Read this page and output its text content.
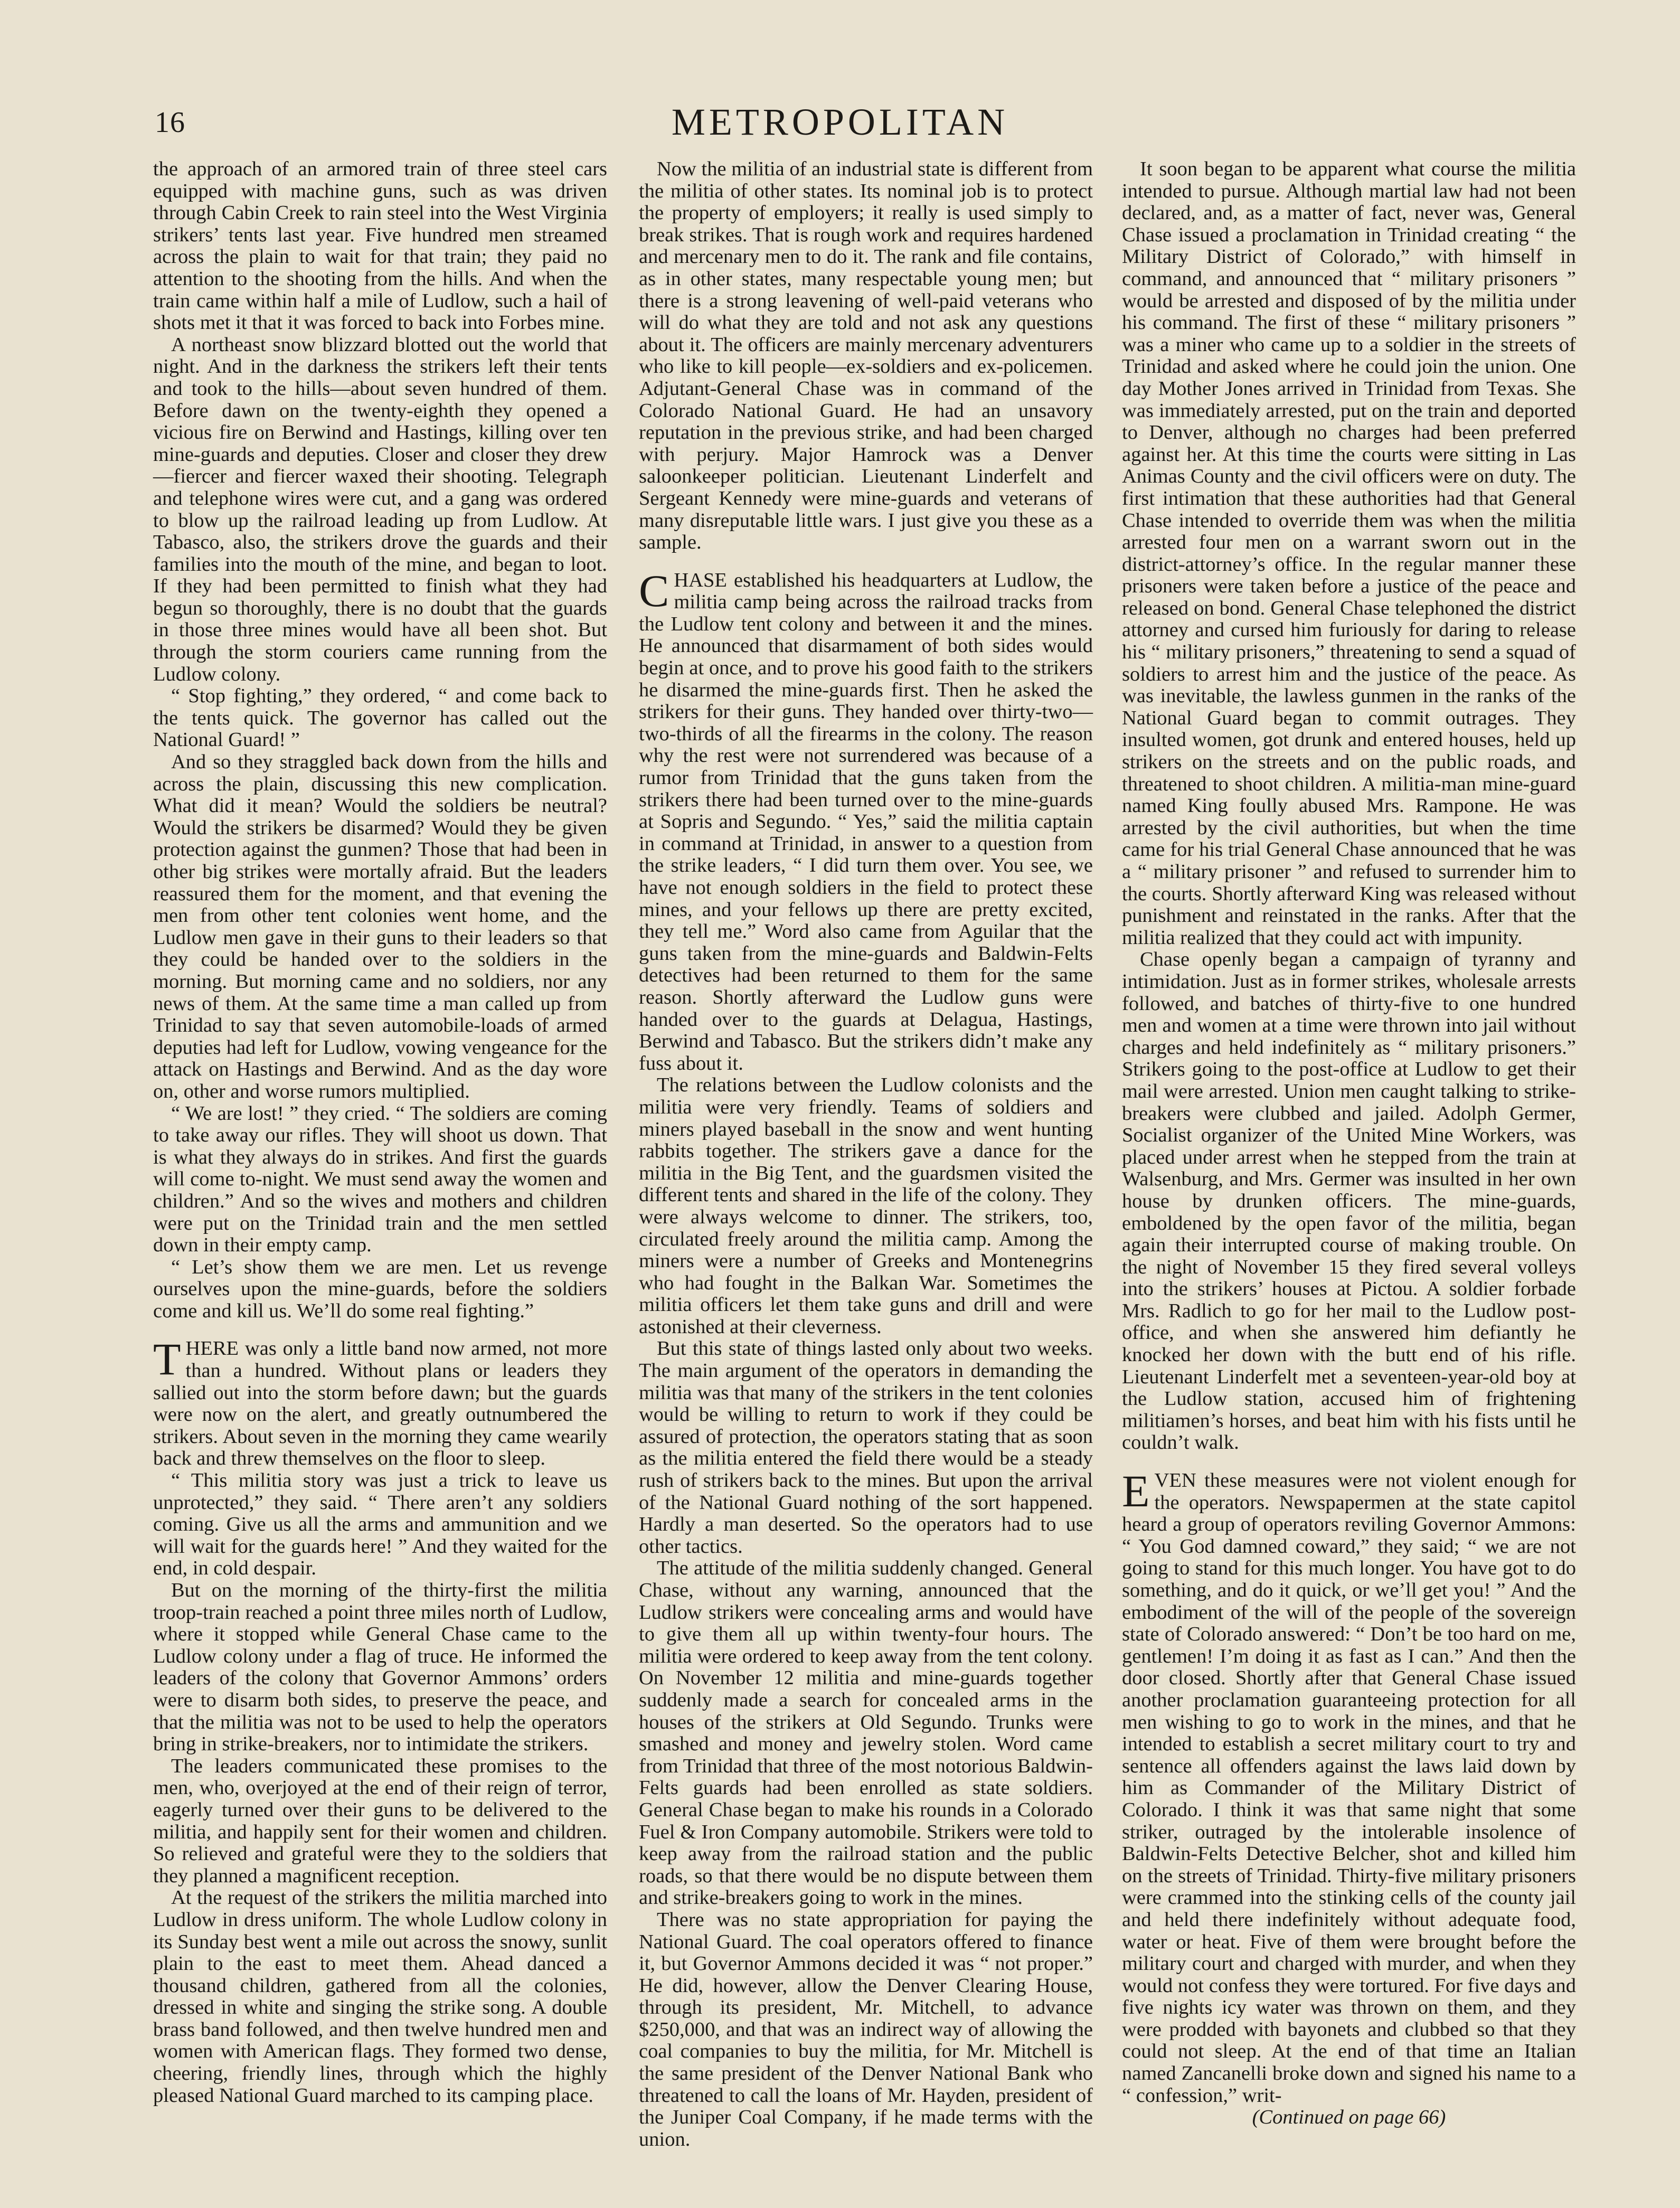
16	METROPOLITAN

the approach of an armored train of three steel cars equipped with machine guns, such as was driven through Cabin Creek to rain steel into the West Virginia strikers’ tents last year. Five hundred men streamed across the plain to wait for that train; they paid no attention to the shooting from the hills. And when the train came within half a mile of Ludlow, such a hail of shots met it that it was forced to back into Forbes mine.

A northeast snow blizzard blotted out the world that night. And in the darkness the strikers left their tents and took to the hills—about seven hundred of them. Before dawn on the twenty-eighth they opened a vicious fire on Berwind and Hastings, killing over ten mine-guards and deputies. Closer and closer they drew—fiercer and fiercer waxed their shooting. Telegraph and telephone wires were cut, and a gang was ordered to blow up the railroad leading up from Ludlow. At Tabasco, also, the strikers drove the guards and their families into the mouth of the mine, and began to loot. If they had been permitted to finish what they had begun so thoroughly, there is no doubt that the guards in those three mines would have all been shot. But through the storm couriers came running from the Ludlow colony.

“ Stop fighting,” they ordered, “ and come back to the tents quick. The governor has called out the National Guard! ”

And so they straggled back down from the hills and across the plain, discussing this new complication. What did it mean? Would the soldiers be neutral? Would the strikers be disarmed? Would they be given protection against the gunmen? Those that had been in other big strikes were mortally afraid. But the leaders reassured them for the moment, and that evening the men from other tent colonies went home, and the Ludlow men gave in their guns to their leaders so that they could be handed over to the soldiers in the morning. But morning came and no soldiers, nor any news of them. At the same time a man called up from Trinidad to say that seven automobile-loads of armed deputies had left for Ludlow, vowing vengeance for the attack on Hastings and Berwind. And as the day wore on, other and worse rumors multiplied.

“ We are lost! ” they cried. “ The soldiers are coming to take away our rifles. They will shoot us down. That is what they always do in strikes. And first the guards will come to-night. We must send away the women and children.” And so the wives and mothers and children were put on the Trinidad train and the men settled down in their empty camp.

“ Let’s show them we are men. Let us revenge ourselves upon the mine-guards, before the soldiers come and kill us. We’ll do some real fighting.”

THERE was only a little band now armed, not more than a hundred. Without plans or leaders they sallied out into the storm before dawn; but the guards were now on the alert, and greatly outnumbered the strikers. About seven in the morning they came wearily back and threw themselves on the floor to sleep.

“ This militia story was just a trick to leave us unprotected,” they said. “ There aren’t any soldiers coming. Give us all the arms and ammunition and we will wait for the guards here! ” And they waited for the end, in cold despair.

But on the morning of the thirty-first the militia troop-train reached a point three miles north of Ludlow, where it stopped while General Chase came to the Ludlow colony under a flag of truce. He informed the leaders of the colony that Governor Ammons’ orders were to disarm both sides, to preserve the peace, and that the militia was not to be used to help the operators bring in strike-breakers, nor to intimidate the strikers.

The leaders communicated these promises to the men, who, overjoyed at the end of their reign of terror, eagerly turned over their guns to be delivered to the militia, and happily sent for their women and children. So relieved and grateful were they to the soldiers that they planned a magnificent reception.

At the request of the strikers the militia marched into Ludlow in dress uniform. The whole Ludlow colony in its Sunday best went a mile out across the snowy, sunlit plain to the east to meet them. Ahead danced a thousand children, gathered from all the colonies, dressed in white and singing the strike song. A double brass band followed, and then twelve hundred men and women with American flags. They formed two dense, cheering, friendly lines, through which the highly pleased National Guard marched to its camping place.

Now the militia of an industrial state is different from the militia of other states. Its nominal job is to protect the property of employers; it really is used simply to break strikes. That is rough work and requires hardened and mercenary men to do it. The rank and file contains, as in other states, many respectable young men; but there is a strong leavening of well-paid veterans who will do what they are told and not ask any questions about it. The officers are mainly mercenary adventurers who like to kill people—ex-soldiers and ex-policemen. Adjutant-General Chase was in command of the Colorado National Guard. He had an unsavory reputation in the previous strike, and had been charged with perjury. Major Hamrock was a Denver saloonkeeper politician. Lieutenant Linderfelt and Sergeant Kennedy were mine-guards and veterans of many disreputable little wars. I just give you these as a sample.

CHASE established his headquarters at Ludlow, the militia camp being across the railroad tracks from the Ludlow tent colony and between it and the mines. He announced that disarmament of both sides would begin at once, and to prove his good faith to the strikers he disarmed the mine-guards first. Then he asked the strikers for their guns. They handed over thirty-two—two-thirds of all the firearms in the colony. The reason why the rest were not surrendered was because of a rumor from Trinidad that the guns taken from the strikers there had been turned over to the mine-guards at Sopris and Segundo. “ Yes,” said the militia captain in command at Trinidad, in answer to a question from the strike leaders, “ I did turn them over. You see, we have not enough soldiers in the field to protect these mines, and your fellows up there are pretty excited, they tell me.” Word also came from Aguilar that the guns taken from the mine-guards and Baldwin-Felts detectives had been returned to them for the same reason. Shortly afterward the Ludlow guns were handed over to the guards at Delagua, Hastings, Berwind and Tabasco. But the strikers didn’t make any fuss about it.

The relations between the Ludlow colonists and the militia were very friendly. Teams of soldiers and miners played baseball in the snow and went hunting rabbits together. The strikers gave a dance for the militia in the Big Tent, and the guardsmen visited the different tents and shared in the life of the colony. They were always welcome to dinner. The strikers, too, circulated freely around the militia camp. Among the miners were a number of Greeks and Montenegrins who had fought in the Balkan War. Sometimes the militia officers let them take guns and drill and were astonished at their cleverness.

But this state of things lasted only about two weeks. The main argument of the operators in demanding the militia was that many of the strikers in the tent colonies would be willing to return to work if they could be assured of protection, the operators stating that as soon as the militia entered the field there would be a steady rush of strikers back to the mines. But upon the arrival of the National Guard nothing of the sort happened. Hardly a man deserted. So the operators had to use other tactics.

The attitude of the militia suddenly changed. General Chase, without any warning, announced that the Ludlow strikers were concealing arms and would have to give them all up within twenty-four hours. The militia were ordered to keep away from the tent colony. On November 12 militia and mine-guards together suddenly made a search for concealed arms in the houses of the strikers at Old Segundo. Trunks were smashed and money and jewelry stolen. Word came from Trinidad that three of the most notorious Baldwin-Felts guards had been enrolled as state soldiers. General Chase began to make his rounds in a Colorado Fuel & Iron Company automobile. Strikers were told to keep away from the railroad station and the public roads, so that there would be no dispute between them and strike-breakers going to work in the mines.

There was no state appropriation for paying the National Guard. The coal operators offered to finance it, but Governor Ammons decided it was “ not proper.” He did, however, allow the Denver Clearing House, through its president, Mr. Mitchell, to advance $250,000, and that was an indirect way of allowing the coal companies to buy the militia, for Mr. Mitchell is the same president of the Denver National Bank who threatened to call the loans of Mr. Hayden, president of the Juniper Coal Company, if he made terms with the union.

It soon began to be apparent what course the militia intended to pursue. Although martial law had not been declared, and, as a matter of fact, never was, General Chase issued a proclamation in Trinidad creating “ the Military District of Colorado,” with himself in command, and announced that “ military prisoners ” would be arrested and disposed of by the militia under his command. The first of these “ military prisoners ” was a miner who came up to a soldier in the streets of Trinidad and asked where he could join the union. One day Mother Jones arrived in Trinidad from Texas. She was immediately arrested, put on the train and deported to Denver, although no charges had been preferred against her. At this time the courts were sitting in Las Animas County and the civil officers were on duty. The first intimation that these authorities had that General Chase intended to override them was when the militia arrested four men on a warrant sworn out in the district-attorney’s office. In the regular manner these prisoners were taken before a justice of the peace and released on bond. General Chase telephoned the district attorney and cursed him furiously for daring to release his “ military prisoners,” threatening to send a squad of soldiers to arrest him and the justice of the peace. As was inevitable, the lawless gunmen in the ranks of the National Guard began to commit outrages. They insulted women, got drunk and entered houses, held up strikers on the streets and on the public roads, and threatened to shoot children. A militia-man mine-guard named King foully abused Mrs. Rampone. He was arrested by the civil authorities, but when the time came for his trial General Chase announced that he was a “ military prisoner ” and refused to surrender him to the courts. Shortly afterward King was released without punishment and reinstated in the ranks. After that the militia realized that they could act with impunity.

Chase openly began a campaign of tyranny and intimidation. Just as in former strikes, wholesale arrests followed, and batches of thirty-five to one hundred men and women at a time were thrown into jail without charges and held indefinitely as “ military prisoners.” Strikers going to the post-office at Ludlow to get their mail were arrested. Union men caught talking to strike-breakers were clubbed and jailed. Adolph Germer, Socialist organizer of the United Mine Workers, was placed under arrest when he stepped from the train at Walsenburg, and Mrs. Germer was insulted in her own house by drunken officers. The mine-guards, emboldened by the open favor of the militia, began again their interrupted course of making trouble. On the night of November 15 they fired several volleys into the strikers’ houses at Pictou. A soldier forbade Mrs. Radlich to go for her mail to the Ludlow post-office, and when she answered him defiantly he knocked her down with the butt end of his rifle. Lieutenant Linderfelt met a seventeen-year-old boy at the Ludlow station, accused him of frightening militiamen’s horses, and beat him with his fists until he couldn’t walk.

EVEN these measures were not violent enough for the operators. Newspapermen at the state capitol heard a group of operators reviling Governor Ammons: “ You God damned coward,” they said; “ we are not going to stand for this much longer. You have got to do something, and do it quick, or we’ll get you! ” And the embodiment of the will of the people of the sovereign state of Colorado answered: “ Don’t be too hard on me, gentlemen! I’m doing it as fast as I can.” And then the door closed. Shortly after that General Chase issued another proclamation guaranteeing protection for all men wishing to go to work in the mines, and that he intended to establish a secret military court to try and sentence all offenders against the laws laid down by him as Commander of the Military District of Colorado. I think it was that same night that some striker, outraged by the intolerable insolence of Baldwin-Felts Detective Belcher, shot and killed him on the streets of Trinidad. Thirty-five military prisoners were crammed into the stinking cells of the county jail and held there indefinitely without adequate food, water or heat. Five of them were brought before the military court and charged with murder, and when they would not confess they were tortured. For five days and five nights icy water was thrown on them, and they were prodded with bayonets and clubbed so that they could not sleep. At the end of that time an Italian named Zancanelli broke down and signed his name to a “ confession,” writ-

(Continued on page 66)
